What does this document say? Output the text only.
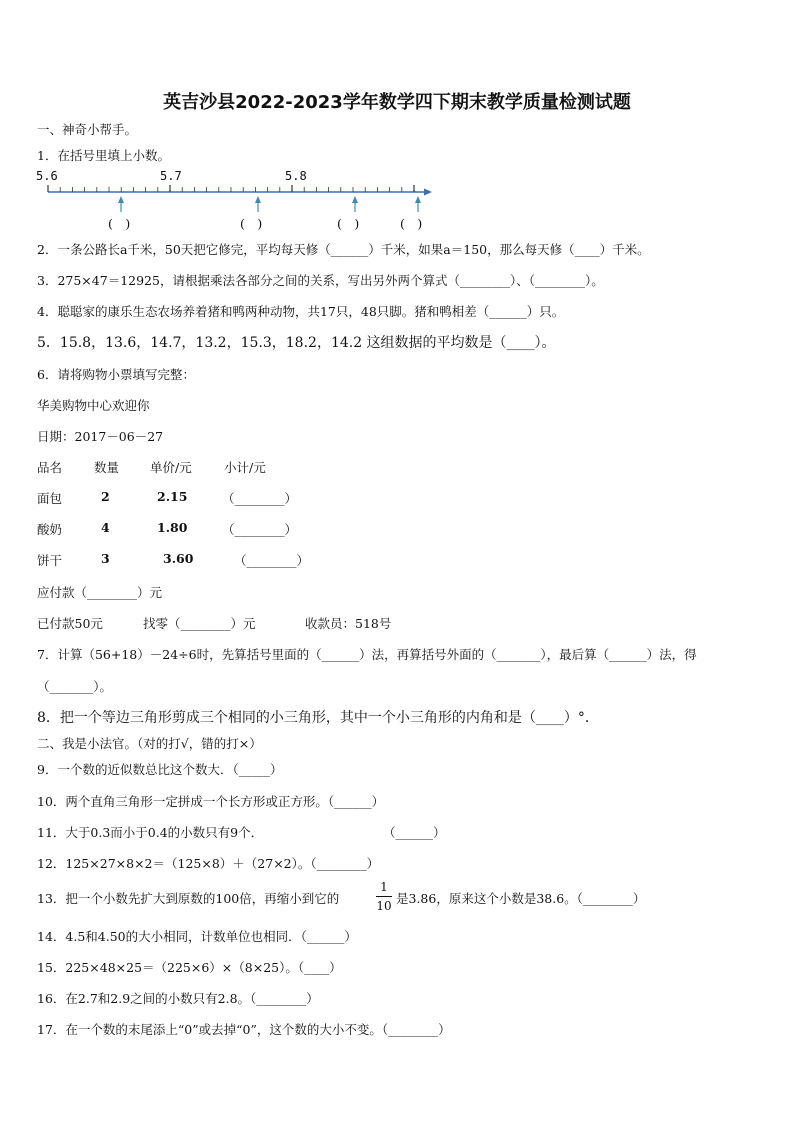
英吉沙县2022-2023学年数学四下期末教学质量检测试题
一、神奇小帮手。
1．在括号里填上小数。
5.6	5.7	5.8
(　)	(　)	(　)	(　)
2．一条公路长a千米，50天把它修完，平均每天修（______）千米，如果a＝150，那么每天修（____）千米。
3．275×47＝12925，请根据乘法各部分之间的关系，写出另外两个算式（________）、（________）。
4．聪聪家的康乐生态农场养着猪和鸭两种动物，共17只，48只脚。猪和鸭相差（______）只。
5．15.8，13.6，14.7，13.2，15.3，18.2，14.2 这组数据的平均数是（____）。
6．请将购物小票填写完整：
华美购物中心欢迎你
日期：2017－06－27
品名	数量 单价/元	小计/元
面包	2	2.15	（________）
酸奶	4	1.80	（________）
饼干	3	3.60	（________）
应付款（________）元
已付款50元	找零（________）元	收款员：518号
7．计算（56+18）－24÷6时，先算括号里面的（______）法，再算括号外面的（_______），最后算（______）法，得
（_______）。
8．把一个等边三角形剪成三个相同的小三角形，其中一个小三角形的内角和是（____）°．
二、我是小法官。（对的打√，错的打×）
9．一个数的近似数总比这个数大．（_____）
10．两个直角三角形一定拼成一个长方形或正方形。（______）
11．大于0.3而小于0.4的小数只有9个．	（______）
12．125×27×8×2＝（125×8）＋（27×2）。（________）
13．把一个小数先扩大到原数的100倍，再缩小到它的
1
10 是3.86，原来这个小数是38.6。（________）
14．4.5和4.50的大小相同，计数单位也相同．（______）
15．225×48×25＝（225×6）×（8×25）。（____）
16．在2.7和2.9之间的小数只有2.8。（________）
17．在一个数的末尾添上“0”或去掉“0”，这个数的大小不变。（________）
